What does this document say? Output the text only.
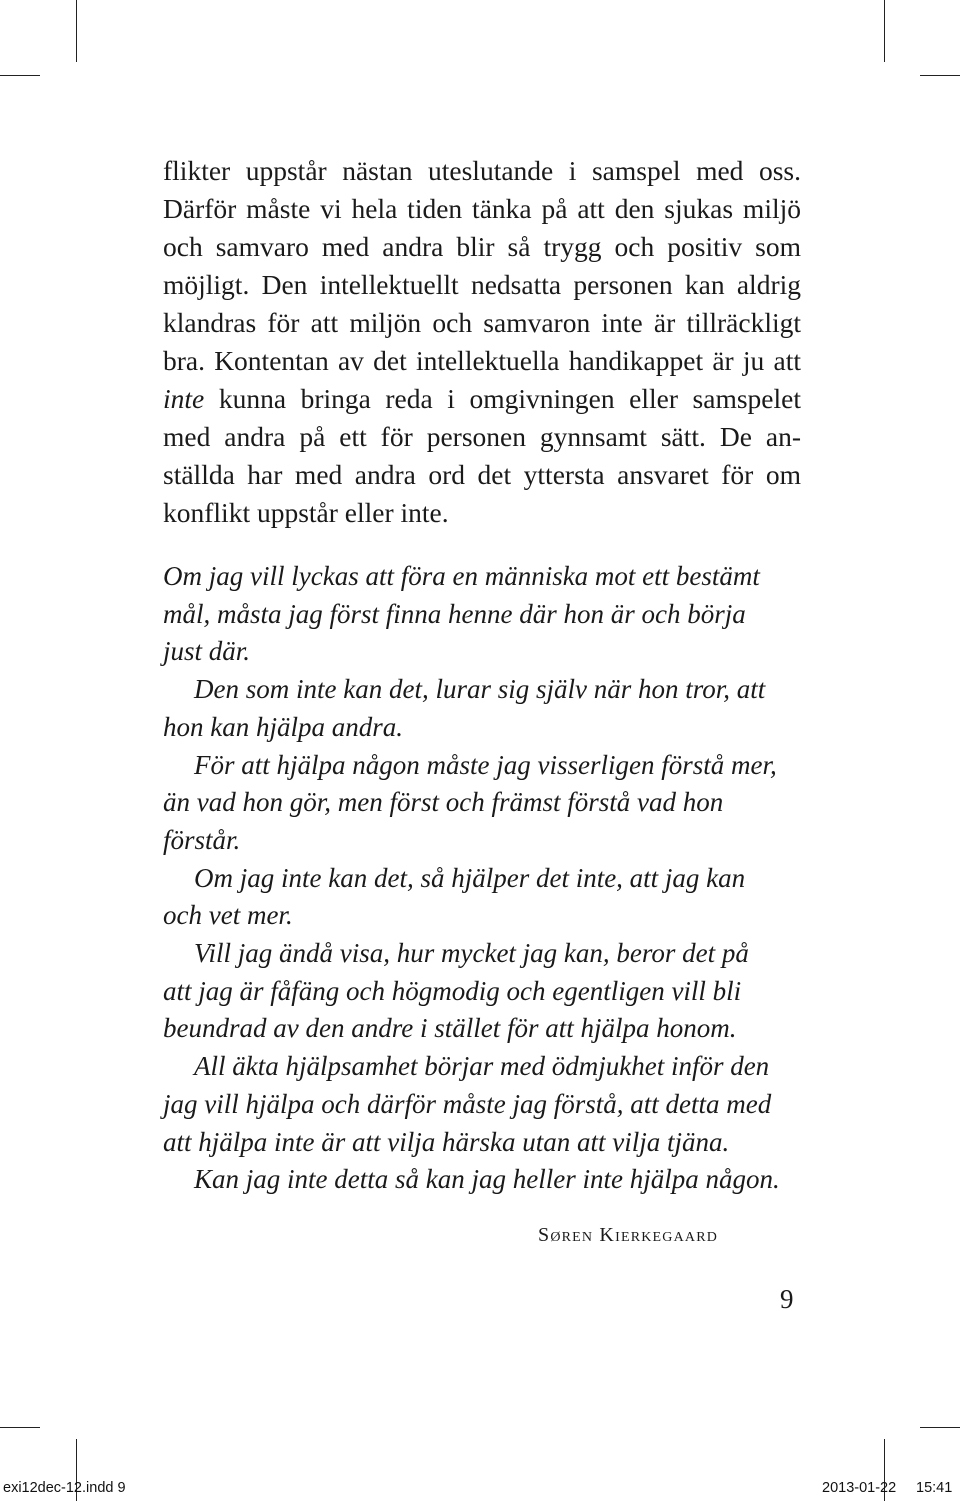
flikter uppstår nästan uteslutande i samspel med oss.
Därför måste vi hela tiden tänka på att den sjukas miljö
och samvaro med andra blir så trygg och positiv som
möjligt. Den intellektuellt nedsatta personen kan aldrig
klandras för att miljön och samvaron inte är tillräckligt
bra. Kontentan av det intellektuella handikappet är ju att
inte kunna bringa reda i omgivningen eller samspelet
med andra på ett för personen gynnsamt sätt. De an-
ställda har med andra ord det yttersta ansvaret för om
konflikt uppstår eller inte.
Om jag vill lyckas att föra en människa mot ett bestämt
mål, måsta jag först finna henne där hon är och börja
just där.
Den som inte kan det, lurar sig själv när hon tror, att
hon kan hjälpa andra.
För att hjälpa någon måste jag visserligen förstå mer,
än vad hon gör, men först och främst förstå vad hon
förstår.
Om jag inte kan det, så hjälper det inte, att jag kan
och vet mer.
Vill jag ändå visa, hur mycket jag kan, beror det på
att jag är fåfäng och högmodig och egentligen vill bli
beundrad av den andre i stället för att hjälpa honom.
All äkta hjälpsamhet börjar med ödmjukhet inför den
jag vill hjälpa och därför måste jag förstå, att detta med
att hjälpa inte är att vilja härska utan att vilja tjäna.
Kan jag inte detta så kan jag heller inte hjälpa någon.
Søren Kierkegaard
9
exi12dec-12.indd 9	2013-01-22 15:41
